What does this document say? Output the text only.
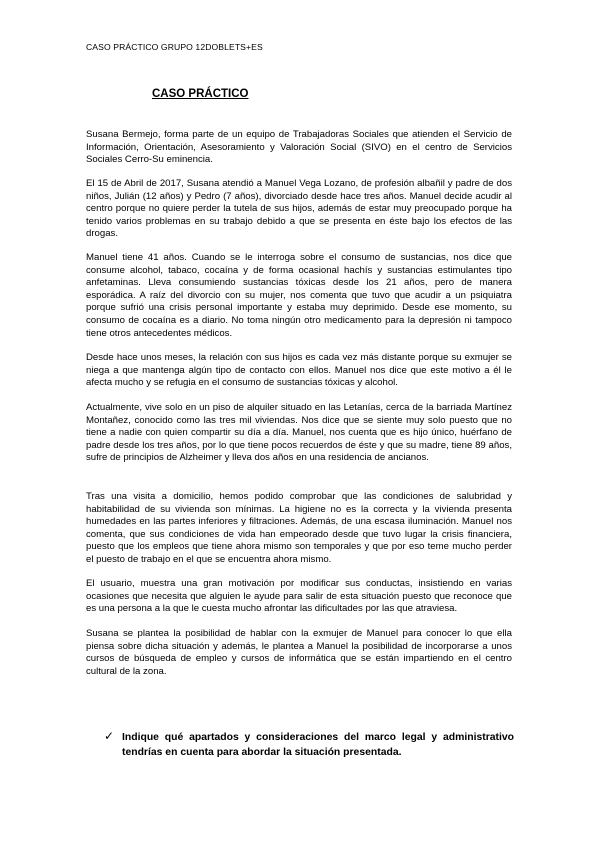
CASO PRÁCTICO GRUPO 12DOBLETS+ES
CASO PRÁCTICO
Susana Bermejo, forma parte de un equipo de Trabajadoras Sociales que atienden el Servicio de Información, Orientación, Asesoramiento y Valoración Social (SIVO) en el centro de Servicios Sociales Cerro-Su eminencia.
El 15 de Abril de 2017, Susana atendió a Manuel Vega Lozano, de profesión albañil y padre de dos niños, Julián (12 años) y Pedro (7 años), divorciado desde hace tres años. Manuel decide acudir al centro porque no quiere perder la tutela de sus hijos, además de estar muy preocupado porque ha tenido varios problemas en su trabajo debido a que se presenta en éste bajo los efectos de las drogas.
Manuel tiene 41 años. Cuando se le interroga sobre el consumo de sustancias, nos dice que consume alcohol, tabaco, cocaína y de forma ocasional hachís y sustancias estimulantes tipo anfetaminas. Lleva consumiendo sustancias tóxicas desde los 21 años, pero de manera esporádica. A raíz del divorcio con su mujer, nos comenta que tuvo que acudir a un psiquiatra porque sufrió una crisis personal importante y estaba muy deprimido. Desde ese momento, su consumo de cocaína es a diario. No toma ningún otro medicamento para la depresión ni tampoco tiene otros antecedentes médicos.
Desde hace unos meses, la relación con sus hijos es cada vez más distante porque su exmujer se niega a que mantenga algún tipo de contacto con ellos. Manuel nos dice que este motivo a él le afecta mucho y se refugia en el consumo de sustancias tóxicas y alcohol.
Actualmente, vive solo en un piso de alquiler situado en las Letanías, cerca de la barriada Martínez Montañez, conocido como las tres mil viviendas. Nos dice que se siente muy solo puesto que no tiene a nadie con quien compartir su día a día. Manuel, nos cuenta que es hijo único, huérfano de padre desde los tres años, por lo que tiene pocos recuerdos de éste y que su madre, tiene 89 años, sufre de principios de Alzheimer y lleva dos años en una residencia de ancianos.
Tras una visita a domicilio, hemos podido comprobar que las condiciones de salubridad y habitabilidad de su vivienda son mínimas. La higiene no es la correcta y la vivienda presenta humedades en las partes inferiores y filtraciones. Además, de una escasa iluminación. Manuel nos comenta, que sus condiciones de vida han empeorado desde que tuvo lugar la crisis financiera, puesto que los empleos que tiene ahora mismo son temporales y que por eso teme mucho perder el puesto de trabajo en el que se encuentra ahora mismo.
El usuario, muestra una gran motivación por modificar sus conductas, insistiendo en varias ocasiones que necesita que alguien le ayude para salir de esta situación puesto que reconoce que es una persona a la que le cuesta mucho afrontar las dificultades por las que atraviesa.
Susana se plantea la posibilidad de hablar con la exmujer de Manuel para conocer lo que ella piensa sobre dicha situación y además, le plantea a Manuel la posibilidad de incorporarse a unos cursos de búsqueda de empleo y cursos de informática que se están impartiendo en el centro cultural de la zona.
✓ Indique qué apartados y consideraciones del marco legal y administrativo tendrías en cuenta para abordar la situación presentada.
